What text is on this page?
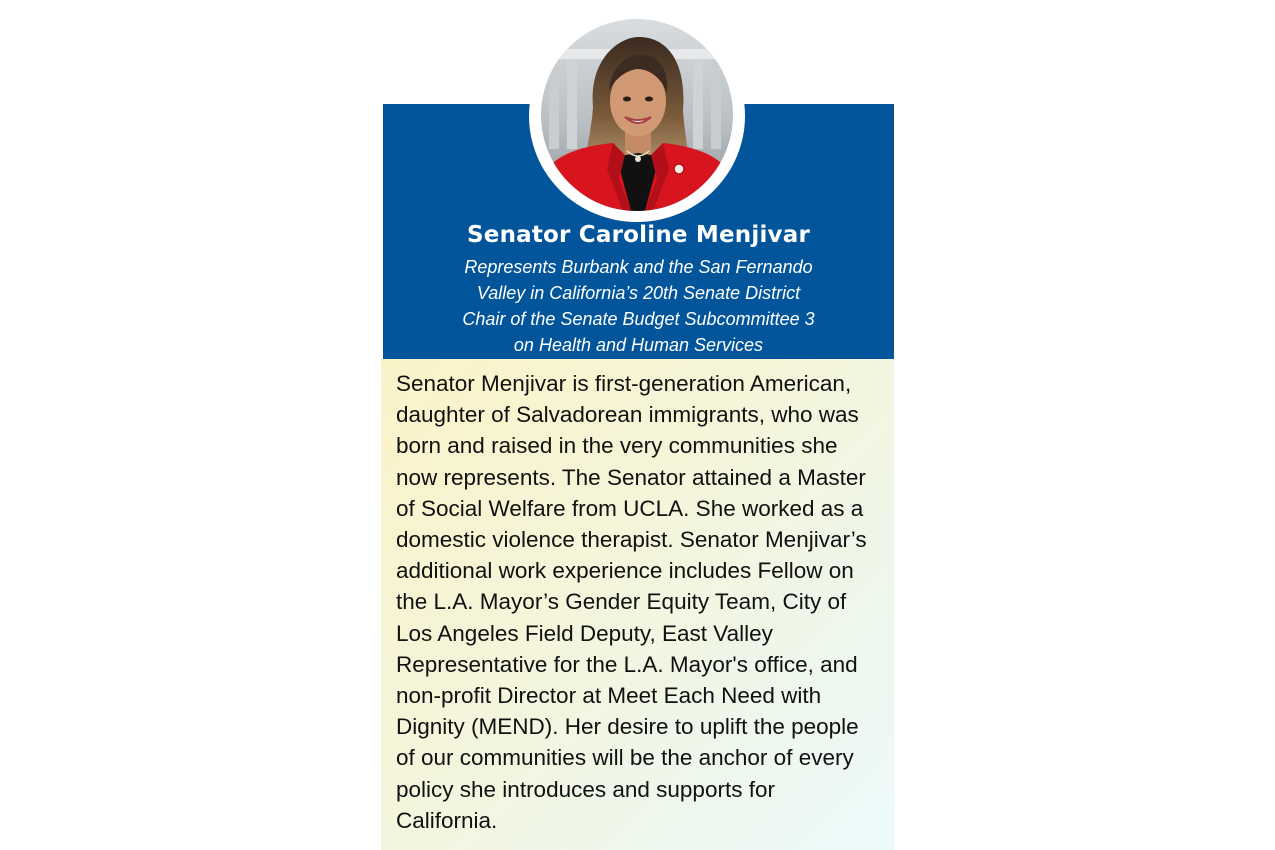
Senator Caroline Menjivar
Represents Burbank and the San Fernando
Valley in California’s 20th Senate District
Chair of the Senate Budget Subcommittee 3
on Health and Human Services
Senator Menjivar is first-generation American,
daughter of Salvadorean immigrants, who was
born and raised in the very communities she
now represents. The Senator attained a Master
of Social Welfare from UCLA. She worked as a
domestic violence therapist. Senator Menjivar’s
additional work experience includes Fellow on
the L.A. Mayor’s Gender Equity Team, City of
Los Angeles Field Deputy, East Valley
Representative for the L.A. Mayor's office, and
non-profit Director at Meet Each Need with
Dignity (MEND). Her desire to uplift the people
of our communities will be the anchor of every
policy she introduces and supports for
California.
